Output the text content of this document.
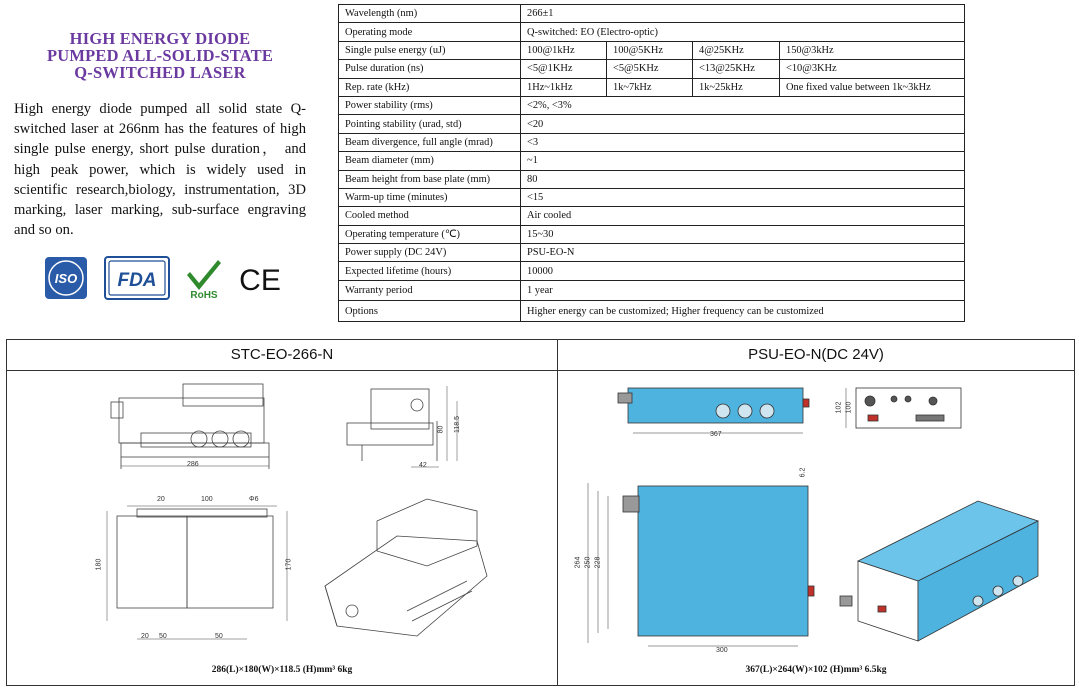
HIGH ENERGY DIODE
PUMPED ALL-SOLID-STATE
Q-SWITCHED LASER

High energy diode pumped all solid state Q-switched laser at 266nm has the features of high single pulse energy, short pulse duration， and high peak power, which is widely used in scientific research,biology, instrumentation, 3D marking, laser marking, sub-surface engraving and so on.

ISO FDA
RoHS CE
Wavelength (nm)	266±1			
Operating mode	Q-switched: EO (Electro-optic)			
Single pulse energy (uJ)	100@1kHz	100@5KHz	4@25KHz	150@3kHz
Pulse duration (ns)	<5@1KHz	<5@5KHz	<13@25KHz	<10@3KHz
Rep. rate (kHz)	1Hz~1kHz	1k~7kHz	1k~25kHz	One fixed value between 1k~3kHz
Power stability (rms)	<2%, <3%			
Pointing stability (urad, std)	<20			
Beam divergence, full angle (mrad)	<3			
Beam diameter (mm)	~1			
Beam height from base plate (mm)	80			
Warm-up time (minutes)	<15			
Cooled method	Air cooled			
Operating temperature (℃)	15~30			
Power supply (DC 24V)	PSU-EO-N			
Expected lifetime (hours)	10000			
Warranty period	1 year			
Options	Higher energy can be customized; Higher frequency can be customized			
STC-EO-266-N	PSU-EO-N(DC 24V)
286
118.5
80
42
20	100	Φ6
180	170
20 50	50
367
102 100
6.2
264 250 228
300
286(L)×180(W)×118.5 (H)mm³ 6kg	367(L)×264(W)×102 (H)mm³ 6.5kg
